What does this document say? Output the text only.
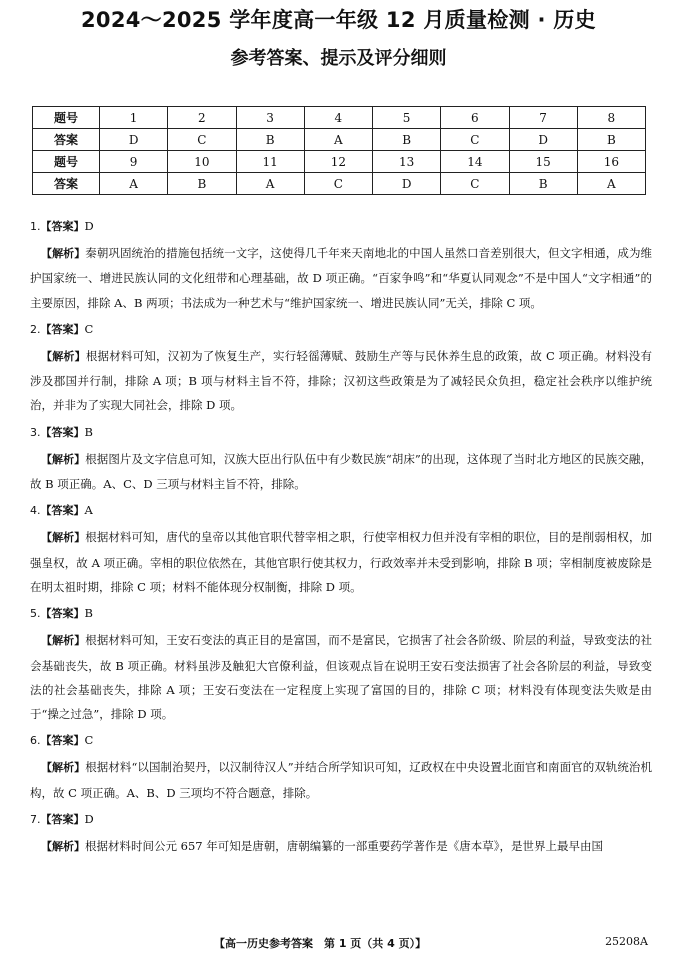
2024～2025 学年度高一年级 12 月质量检测 · 历史
参考答案、提示及评分细则
题号	1	2	3	4	5	6	7	8
答案	D	C	B	A	B	C	D	B
题号	9	10	11	12	13	14	15	16
答案	A	B	A	C	D	C	B	A
1.【答案】D
【解析】秦朝巩固统治的措施包括统一文字，这使得几千年来天南地北的中国人虽然口音差别很大，但文字相通，成为维护国家统一、增进民族认同的文化纽带和心理基础，故 D 项正确。“百家争鸣”和“华夏认同观念”不是中国人“文字相通”的主要原因，排除 A、B 两项；书法成为一种艺术与“维护国家统一、增进民族认同”无关，排除 C 项。
2.【答案】C
【解析】根据材料可知，汉初为了恢复生产，实行轻徭薄赋、鼓励生产等与民休养生息的政策，故 C 项正确。材料没有涉及郡国并行制，排除 A 项；B 项与材料主旨不符，排除；汉初这些政策是为了减轻民众负担，稳定社会秩序以维护统治，并非为了实现大同社会，排除 D 项。
3.【答案】B
【解析】根据图片及文字信息可知，汉族大臣出行队伍中有少数民族“胡床”的出现，这体现了当时北方地区的民族交融，故 B 项正确。A、C、D 三项与材料主旨不符，排除。
4.【答案】A
【解析】根据材料可知，唐代的皇帝以其他官职代替宰相之职，行使宰相权力但并没有宰相的职位，目的是削弱相权，加强皇权，故 A 项正确。宰相的职位依然在，其他官职行使其权力，行政效率并未受到影响，排除 B 项；宰相制度被废除是在明太祖时期，排除 C 项；材料不能体现分权制衡，排除 D 项。
5.【答案】B
【解析】根据材料可知，王安石变法的真正目的是富国，而不是富民，它损害了社会各阶级、阶层的利益，导致变法的社会基础丧失，故 B 项正确。材料虽涉及触犯大官僚利益，但该观点旨在说明王安石变法损害了社会各阶层的利益，导致变法的社会基础丧失，排除 A 项；王安石变法在一定程度上实现了富国的目的，排除 C 项；材料没有体现变法失败是由于“操之过急”，排除 D 项。
6.【答案】C
【解析】根据材料“以国制治契丹，以汉制待汉人”并结合所学知识可知，辽政权在中央设置北面官和南面官的双轨统治机构，故 C 项正确。A、B、D 三项均不符合题意，排除。
7.【答案】D
【解析】根据材料时间公元 657 年可知是唐朝，唐朝编纂的一部重要药学著作是《唐本草》，是世界上最早由国
【高一历史参考答案　第 1 页（共 4 页）】	25208A
